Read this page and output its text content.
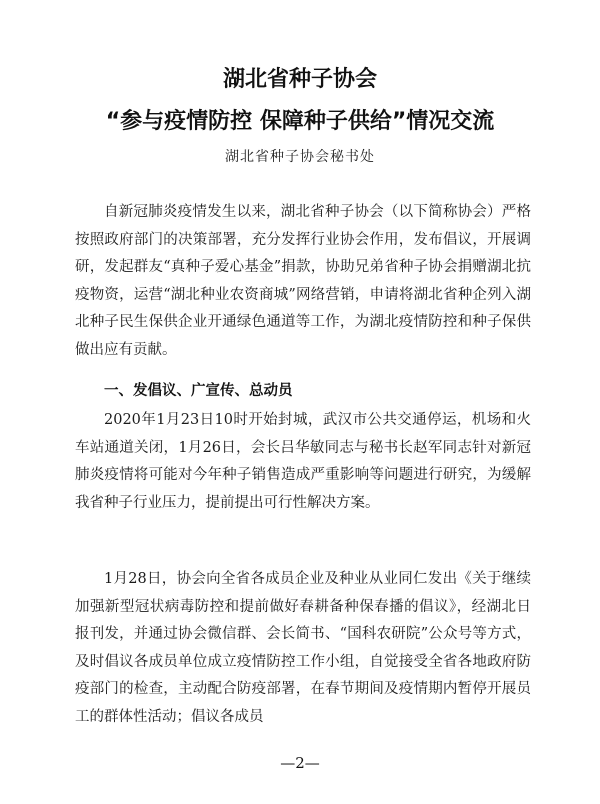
湖北省种子协会
“参与疫情防控 保障种子供给”情况交流
湖北省种子协会秘书处

自新冠肺炎疫情发生以来，湖北省种子协会（以下简称协会）严格按照政府部门的决策部署，充分发挥行业协会作用，发布倡议，开展调研，发起群友“真种子爱心基金”捐款，协助兄弟省种子协会捐赠湖北抗疫物资，运营“湖北种业农资商城”网络营销，申请将湖北省种企列入湖北种子民生保供企业开通绿色通道等工作，为湖北疫情防控和种子保供做出应有贡献。

一、发倡议、广宣传、总动员

2020年1月23日10时开始封城，武汉市公共交通停运，机场和火车站通道关闭，1月26日，会长吕华敏同志与秘书长赵军同志针对新冠肺炎疫情将可能对今年种子销售造成严重影响等问题进行研究，为缓解我省种子行业压力，提前提出可行性解决方案。

1月28日，协会向全省各成员企业及种业从业同仁发出《关于继续加强新型冠状病毒防控和提前做好春耕备种保春播的倡议》，经湖北日报刊发，并通过协会微信群、会长简书、“国科农研院”公众号等方式，及时倡议各成员单位成立疫情防控工作小组，自觉接受全省各地政府防疫部门的检查，主动配合防疫部署，在春节期间及疫情期内暂停开展员工的群体性活动；倡议各成员

—2—
